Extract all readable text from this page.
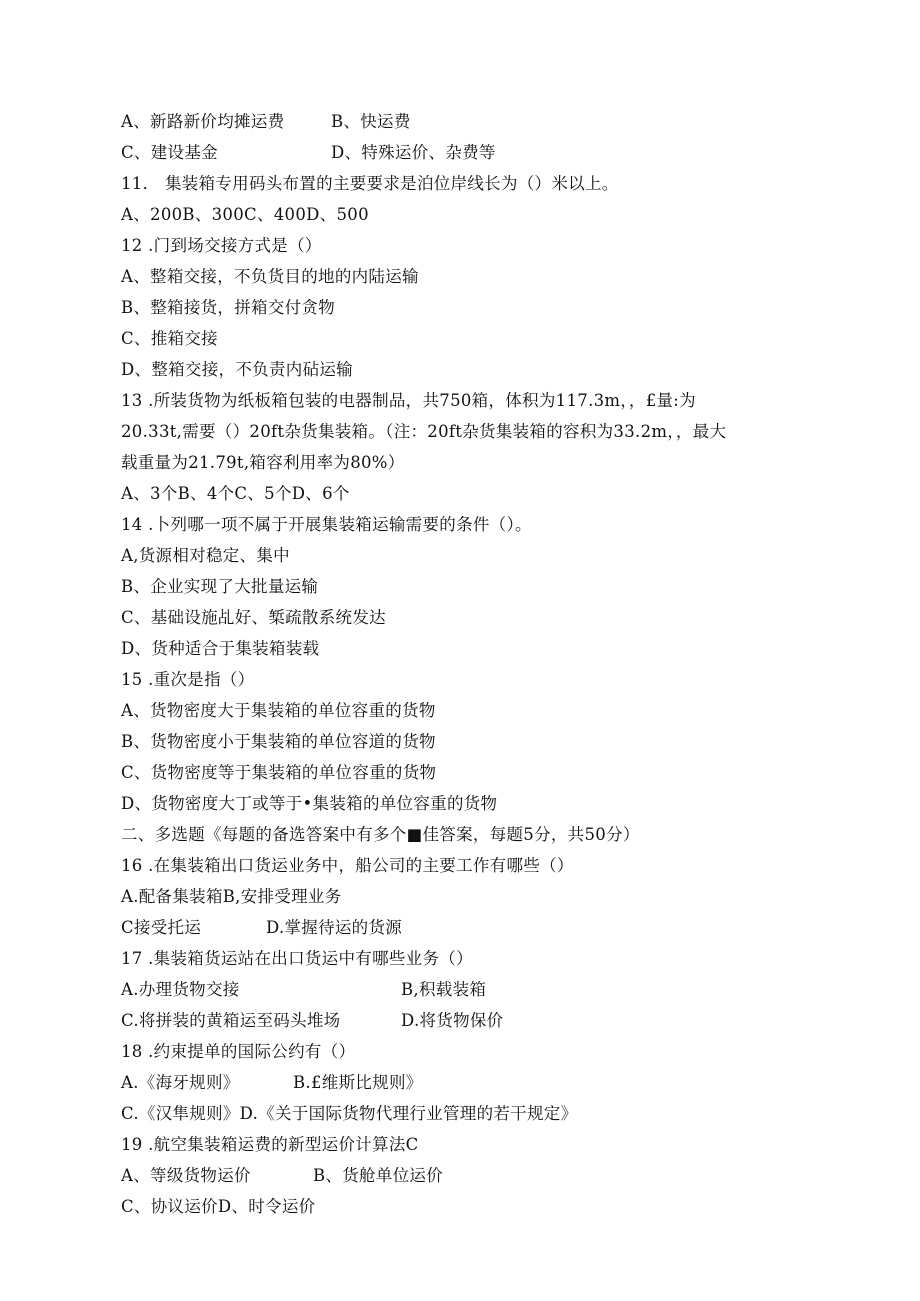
A、新路新价均摊运费	B、快运费
C、建设基金	D、特殊运价、杂费等
11． 集装箱专用码头布置的主要要求是泊位岸线长为（）米以上。
A、200B、300C、400D、500
12 .门到场交接方式是（）
A、整箱交接，不负货目的地的内陆运输
B、整箱接货，拼箱交付贪物
C、推箱交接
D、整箱交接，不负责内砧运输
13 .所装货物为纸板箱包装的电器制品，共750箱，体积为117.3m，，£量:为
20.33t,需要（）20ft杂货集装箱。（注：20ft杂货集装箱的容积为33.2m，，最大
载重量为21.79t,箱容利用率为80%）
A、3个B、4个C、5个D、6个
14 .卜列哪一项不属于开展集装箱运输需要的条件（）。
A,货源相对稳定、集中
B、企业实现了大批量运输
C、基础设施乩好、椠疏散系统发达
D、货种适合于集装箱装载
15 .重次是指（）
A、货物密度大于集装箱的单位容重的货物
B、货物密度小于集装箱的单位容道的货物
C、货物密度等于集装箱的单位容重的货物
D、货物密度大丁或等于•集装箱的单位容重的货物
二、多选题《每题的备选答案中有多个■佳答案，每题5分，共50分）
16 .在集装箱出口货运业务中，船公司的主要工作有哪些（）
A.配备集装箱B,安排受理业务
C接受托运	D.掌握待运的货源
17 .集装箱货运站在出口货运中有哪些业务（）
A.办理货物交接	B,积载装箱
C.将拼装的黄箱运至码头堆场	D.将货物保价
18 .约束提单的国际公约有（）
A.《海牙规则》	B.£维斯比规则》
C.《汉隼规则》D.《关于国际货物代理行业管理的若干规定》
19 .航空集装箱运费的新型运价计算法C
A、等级货物运价	B、货舱单位运价
C、协议运价D、时令运价
